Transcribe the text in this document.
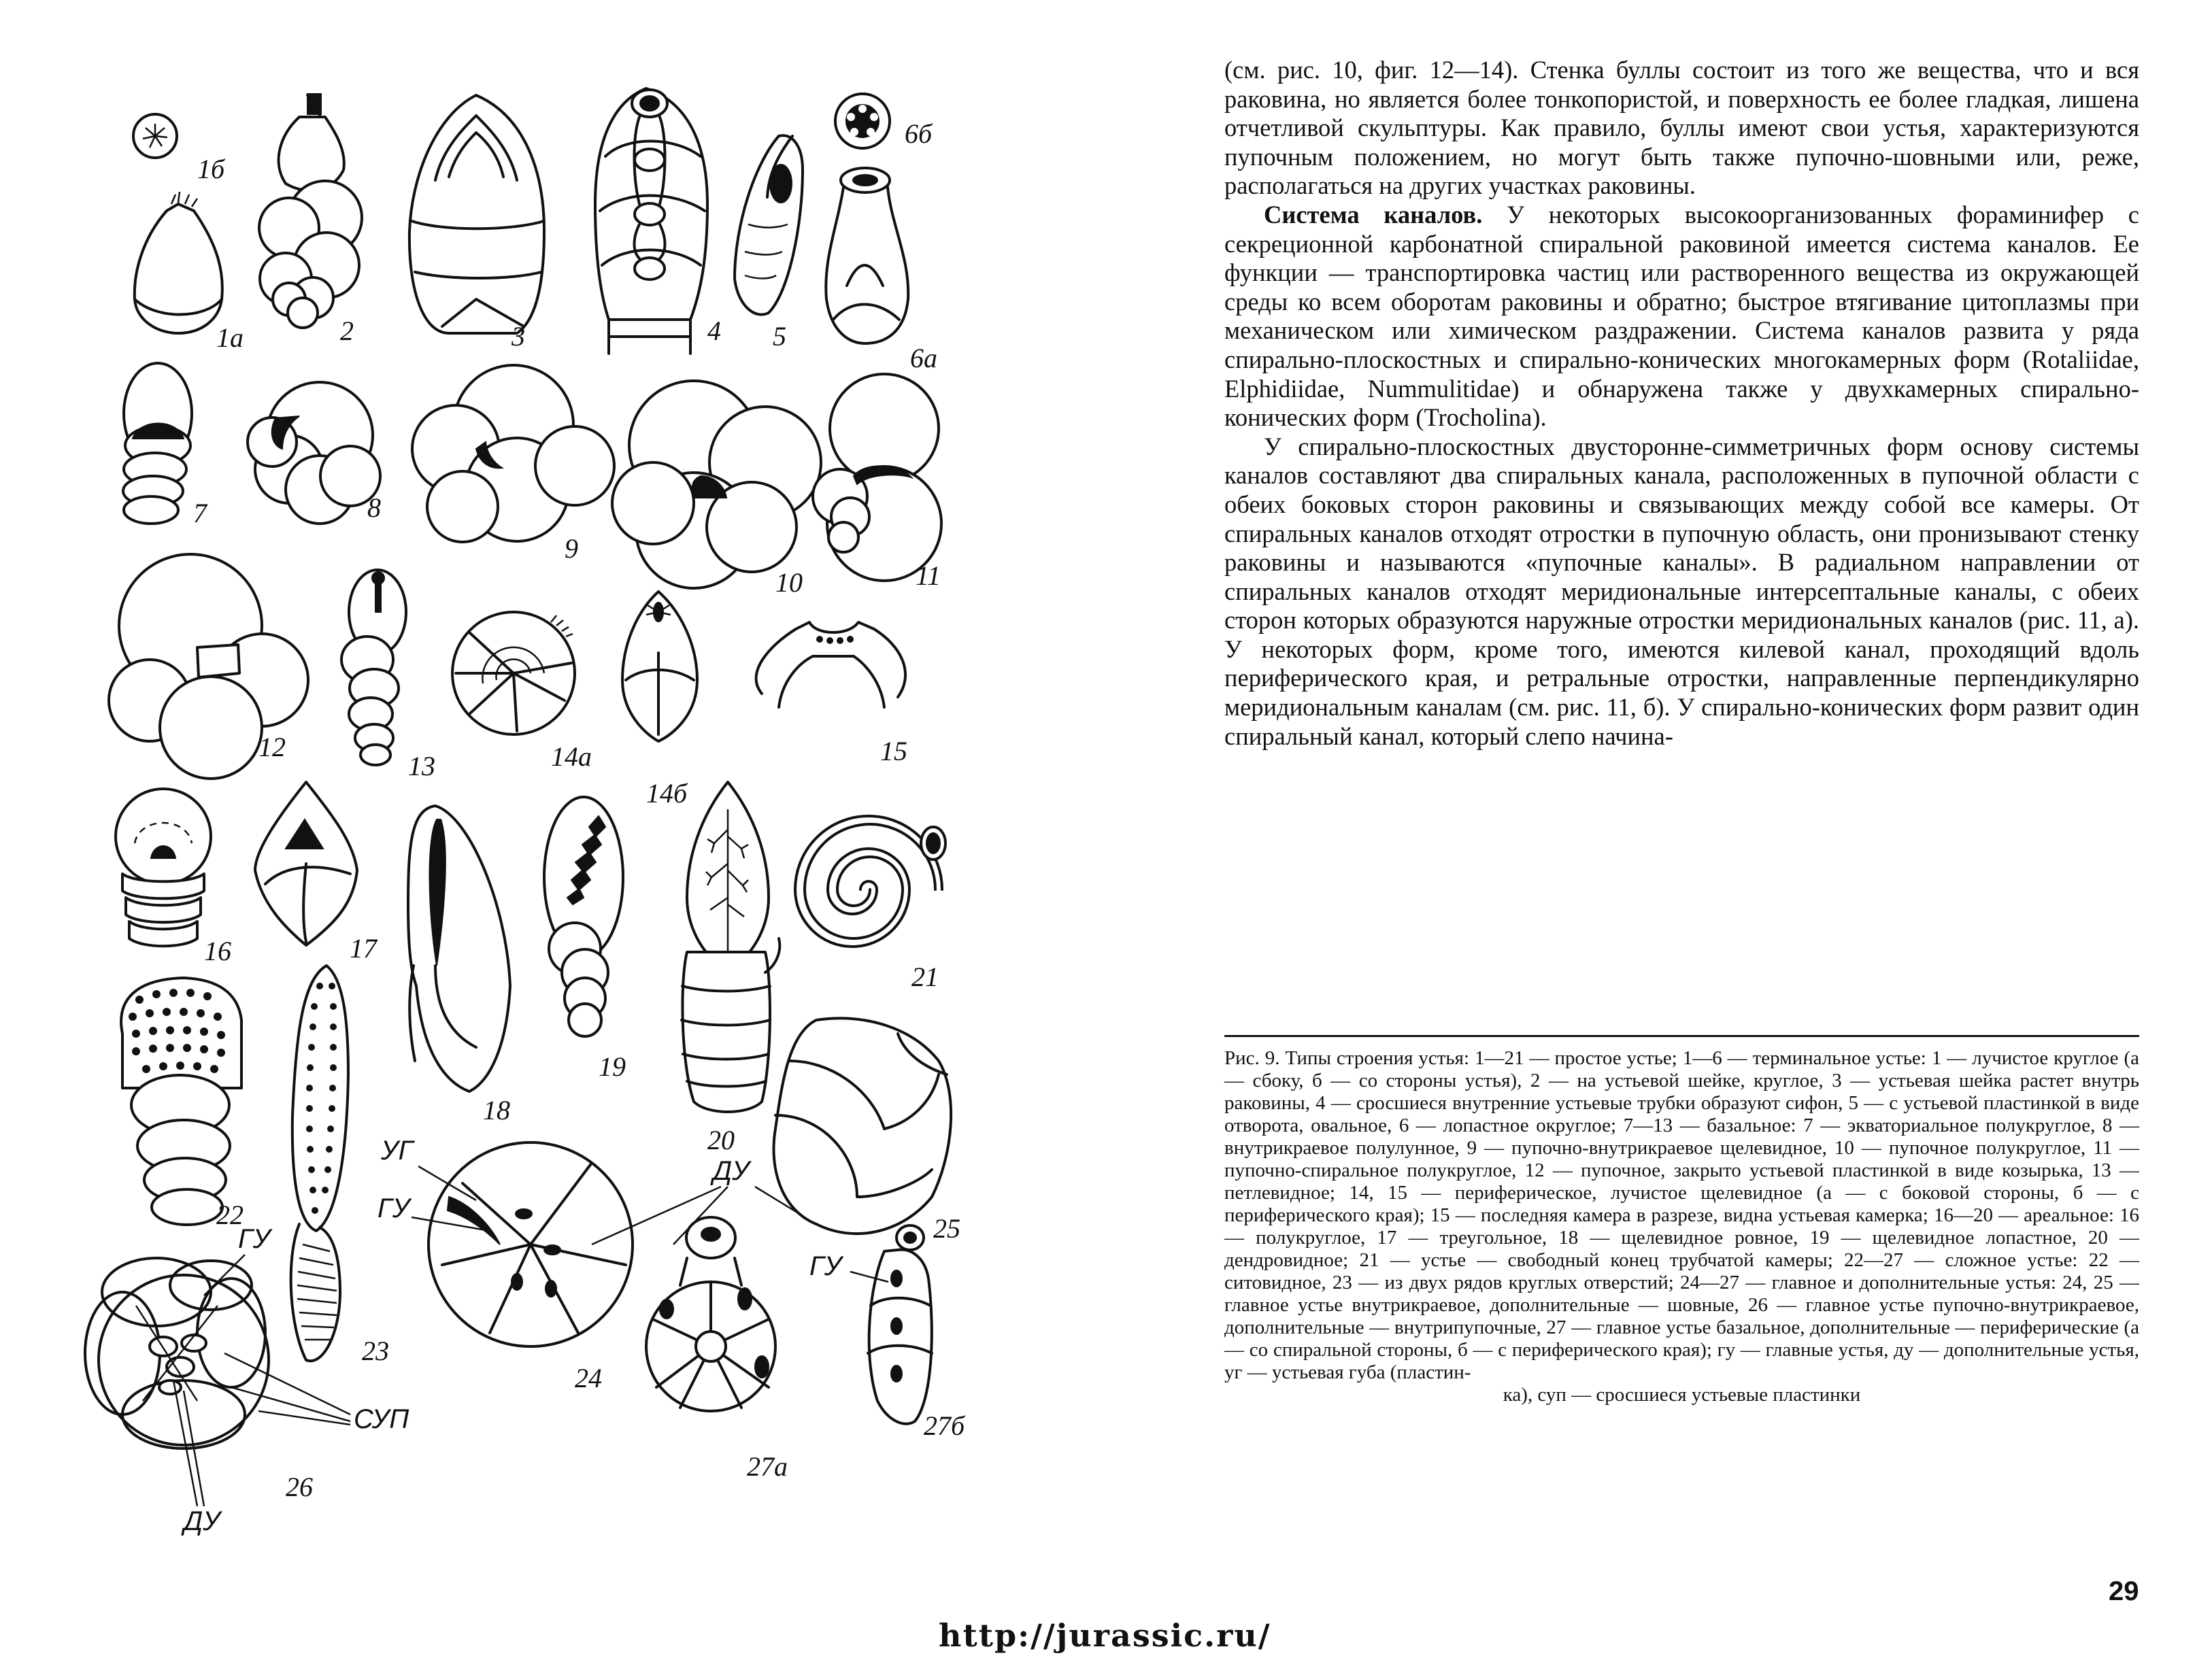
1б
1а	2	3	4 5
6б
6а
7	8
9
10	11
12
13	14а
14б
15
16	17
18
19
20
21
22
23
24
УГ
ГУ
ДУ
25
26
ГУ
СУП
ДУ
27а
27б
ГУ

(см. рис. 10, фиг. 12—14). Стенка буллы состоит из того же вещества, что и вся раковина, но является более тонкопористой, и поверхность ее более гладкая, лишена отчетливой скульптуры. Как правило, буллы имеют свои устья, характеризуются пупочным положением, но могут быть также пупочно-шовными или, реже, располагаться на других участках раковины.

Система каналов. У некоторых высокоорганизованных фораминифер с секреционной карбонатной спиральной раковиной имеется система каналов. Ее функции — транспортировка частиц или растворенного вещества из окружающей среды ко всем оборотам раковины и обратно; быстрое втягивание цитоплазмы при механическом или химическом раздражении. Система каналов развита у ряда спирально-плоскостных и спирально-конических многокамерных форм (Rotaliidae, Elphidiidae, Nummulitidae) и обнаружена также у двухкамерных спирально-конических форм (Trocholina).

У спирально-плоскостных двусторонне-симметричных форм основу системы каналов составляют два спиральных канала, расположенных в пупочной области с обеих боковых сторон раковины и связывающих между собой все камеры. От спиральных каналов отходят отростки в пупочную область, они пронизывают стенку раковины и называются «пупочные каналы». В радиальном направлении от спиральных каналов отходят меридиональные интерсептальные каналы, с обеих сторон которых образуются наружные отростки меридиональных каналов (рис. 11, а). У некоторых форм, кроме того, имеются килевой канал, проходящий вдоль периферического края, и ретральные отростки, направленные перпендикулярно меридиональным каналам (см. рис. 11, б). У спирально-конических форм развит один спиральный канал, который слепо начина-

Рис. 9. Типы строения устья: 1—21 — простое устье; 1—6 — терминальное устье: 1 — лучистое круглое (а — сбоку, б — со стороны устья), 2 — на устьевой шейке, круглое, 3 — устьевая шейка растет внутрь раковины, 4 — сросшиеся внутренние устьевые трубки образуют сифон, 5 — с устьевой пластинкой в виде отворота, овальное, 6 — лопастное округлое; 7—13 — базальное: 7 — экваториальное полукруглое, 8 — внутрикраевое полулунное, 9 — пупочно-внутрикраевое щелевидное, 10 — пупочное полукруглое, 11 — пупочно-спиральное полукруглое, 12 — пупочное, закрыто устьевой пластинкой в виде козырька, 13 — петлевидное; 14, 15 — периферическое, лучистое щелевидное (а — с боковой стороны, б — с периферического края); 15 — последняя камера в разрезе, видна устьевая камерка; 16—20 — ареальное: 16 — полукруглое, 17 — треугольное, 18 — щелевидное ровное, 19 — щелевидное лопастное, 20 — дендровидное; 21 — устье — свободный конец трубчатой камеры; 22—27 — сложное устье: 22 — ситовидное, 23 — из двух рядов круглых отверстий; 24—27 — главное и дополнительные устья: 24, 25 — главное устье внутрикраевое, дополнительные — шовные, 26 — главное устье пупочно-внутрикраевое, дополнительные — внутрипупочные, 27 — главное устье базальное, дополнительные — периферические (а — со спиральной стороны, б — с периферического края); гу — главные устья, ду — дополнительные устья, уг — устьевая губа (пластин-

ка), суп — сросшиеся устьевые пластинки

29
http://jurassic.ru/
